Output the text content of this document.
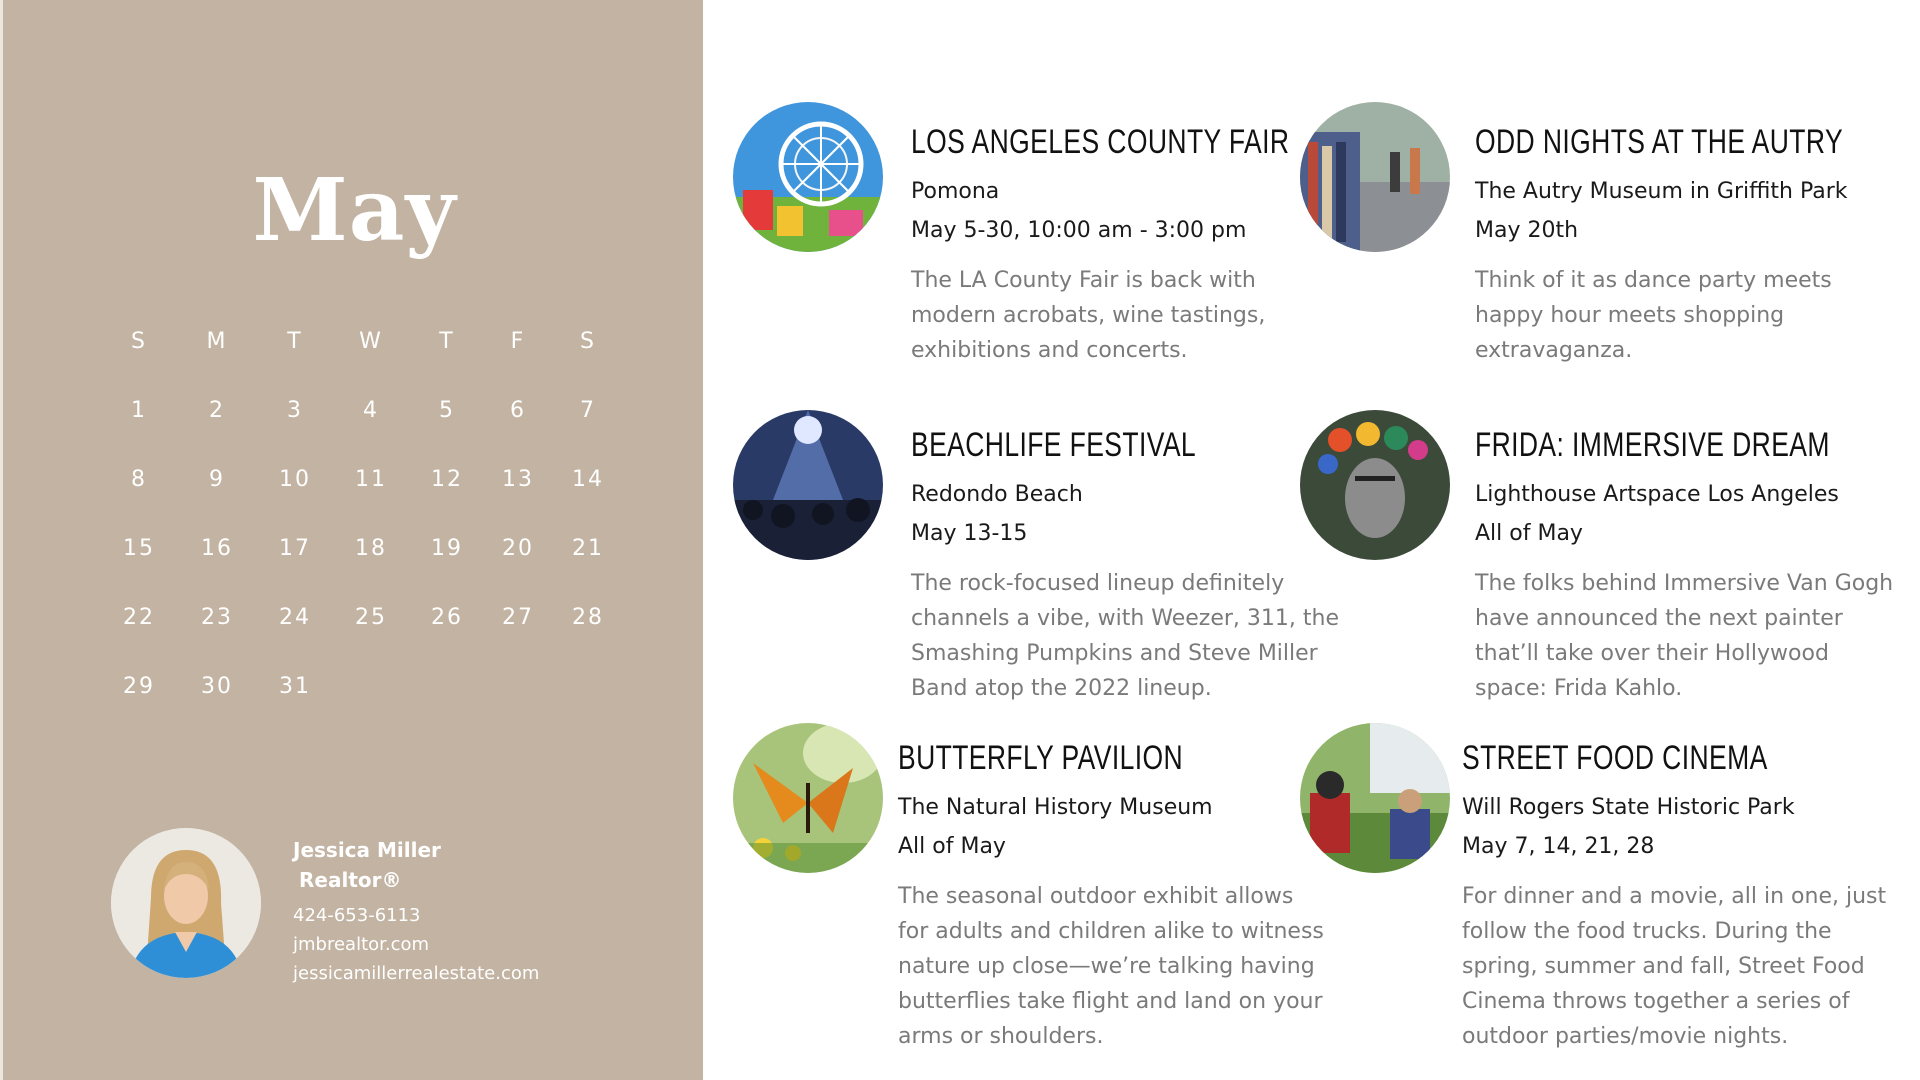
May
S	M	T	W	T	F	S
1	2	3	4	5	6	7
8	9	10	11	12	13	14
15	16	17	18	19	20	21
22	23	24	25	26	27	28
29	30	31
Jessica Miller
Realtor®
424-653-6113
jmbrealtor.com
jessicamillerrealestate.com
LOS ANGELES COUNTY FAIR
Pomona
May 5-30, 10:00 am - 3:00 pm
The LA County Fair is back with modern acrobats, wine tastings, exhibitions and concerts.
ODD NIGHTS AT THE AUTRY
The Autry Museum in Griffith Park
May 20th
Think of it as dance party meets happy hour meets shopping extravaganza.
BEACHLIFE FESTIVAL
Redondo Beach
May 13-15
The rock-focused lineup definitely channels a vibe, with Weezer, 311, the Smashing Pumpkins and Steve Miller Band atop the 2022 lineup.
FRIDA: IMMERSIVE DREAM
Lighthouse Artspace Los Angeles
All of May
The folks behind Immersive Van Gogh have announced the next painter that’ll take over their Hollywood space: Frida Kahlo.
BUTTERFLY PAVILION
The Natural History Museum
All of May
The seasonal outdoor exhibit allows for adults and children alike to witness nature up close—we’re talking having butterflies take flight and land on your arms or shoulders.
STREET FOOD CINEMA
Will Rogers State Historic Park
May 7, 14, 21, 28
For dinner and a movie, all in one, just follow the food trucks. During the spring, summer and fall, Street Food Cinema throws together a series of outdoor parties/movie nights.
